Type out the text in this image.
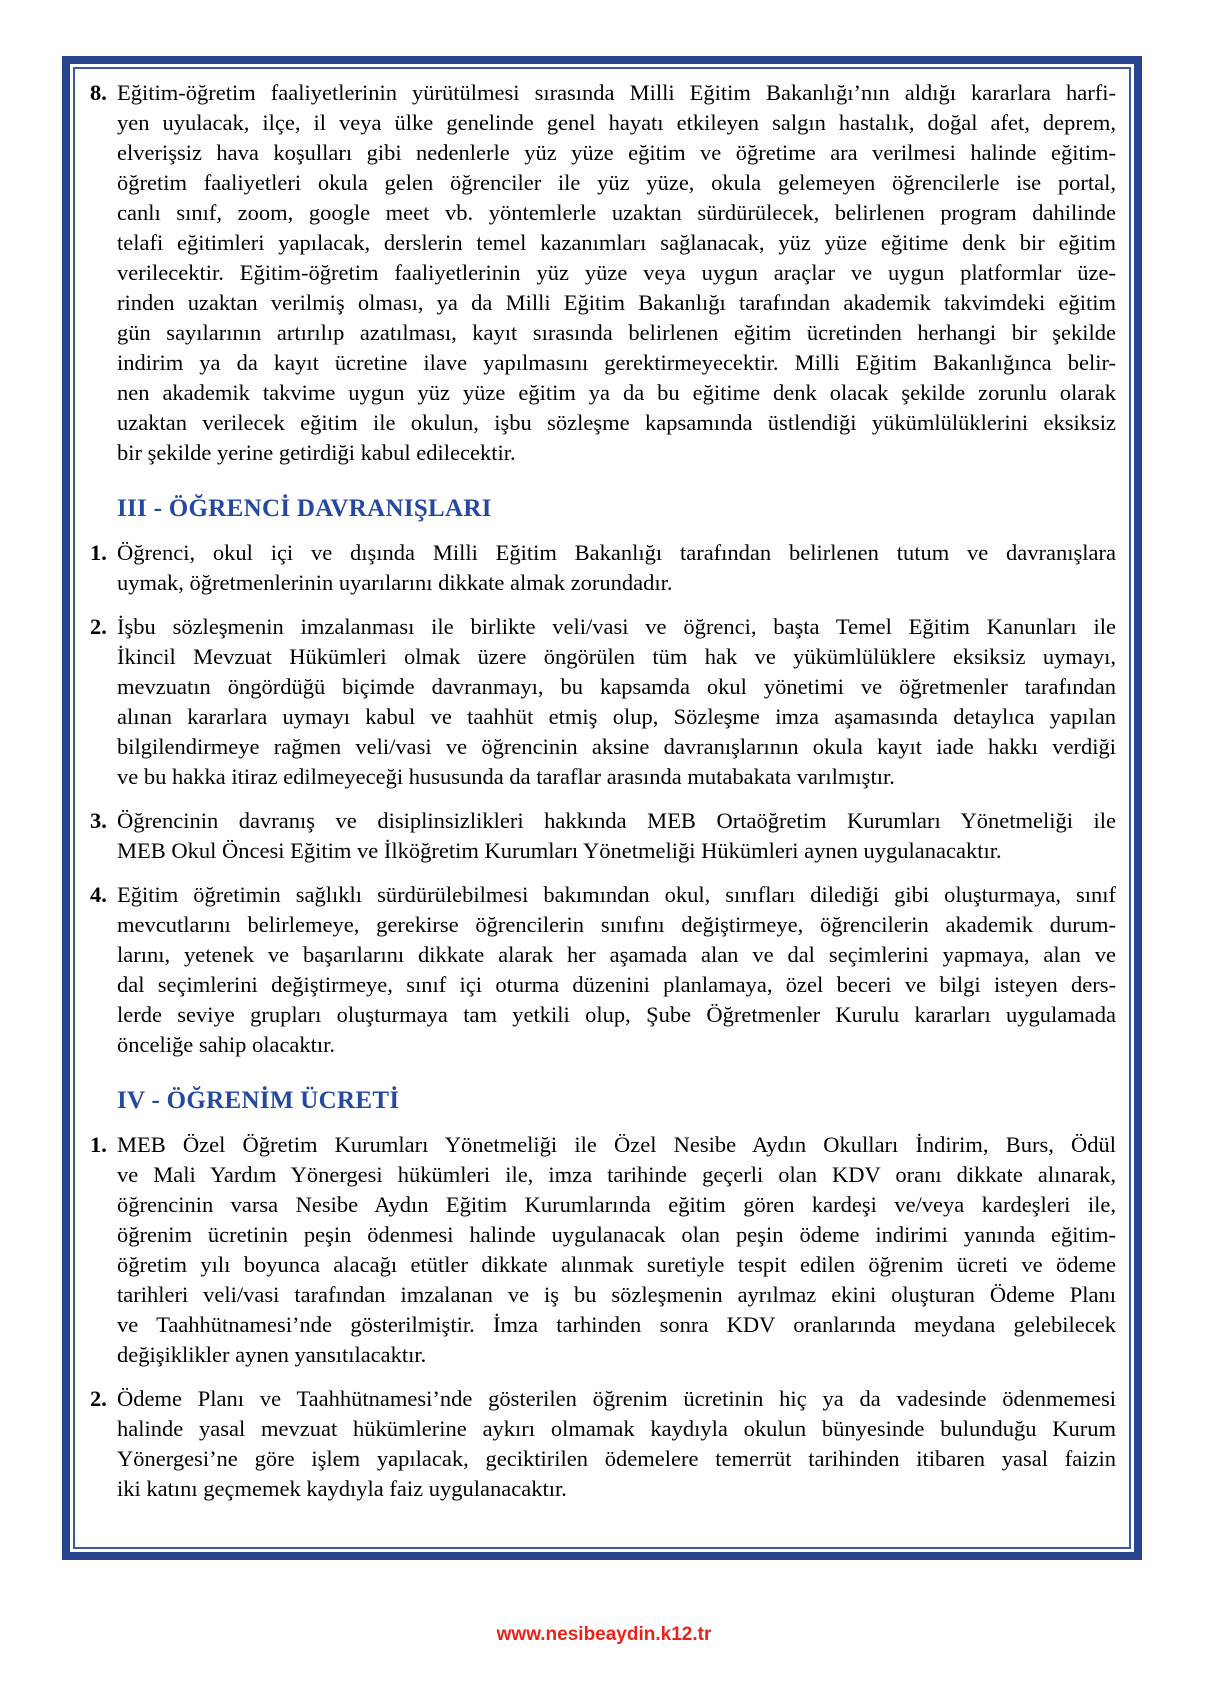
8. Eğitim-öğretim faaliyetlerinin yürütülmesi sırasında Milli Eğitim Bakanlığı’nın aldığı kararlara harfi-
yen uyulacak, ilçe, il veya ülke genelinde genel hayatı etkileyen salgın hastalık, doğal afet, deprem,
elverişsiz hava koşulları gibi nedenlerle yüz yüze eğitim ve öğretime ara verilmesi halinde eğitim-
öğretim faaliyetleri okula gelen öğrenciler ile yüz yüze, okula gelemeyen öğrencilerle ise portal,
canlı sınıf, zoom, google meet vb. yöntemlerle uzaktan sürdürülecek, belirlenen program dahilinde
telafi eğitimleri yapılacak, derslerin temel kazanımları sağlanacak, yüz yüze eğitime denk bir eğitim
verilecektir. Eğitim-öğretim faaliyetlerinin yüz yüze veya uygun araçlar ve uygun platformlar üze-
rinden uzaktan verilmiş olması, ya da Milli Eğitim Bakanlığı tarafından akademik takvimdeki eğitim
gün sayılarının artırılıp azatılması, kayıt sırasında belirlenen eğitim ücretinden herhangi bir şekilde
indirim ya da kayıt ücretine ilave yapılmasını gerektirmeyecektir. Milli Eğitim Bakanlığınca belir-
nen akademik takvime uygun yüz yüze eğitim ya da bu eğitime denk olacak şekilde zorunlu olarak
uzaktan verilecek eğitim ile okulun, işbu sözleşme kapsamında üstlendiği yükümlülüklerini eksiksiz
bir şekilde yerine getirdiği kabul edilecektir.
III - ÖĞRENCİ DAVRANIŞLARI
1. Öğrenci, okul içi ve dışında Milli Eğitim Bakanlığı tarafından belirlenen tutum ve davranışlara
uymak, öğretmenlerinin uyarılarını dikkate almak zorundadır.
2. İşbu sözleşmenin imzalanması ile birlikte veli/vasi ve öğrenci, başta Temel Eğitim Kanunları ile
İkincil Mevzuat Hükümleri olmak üzere öngörülen tüm hak ve yükümlülüklere eksiksiz uymayı,
mevzuatın öngördüğü biçimde davranmayı, bu kapsamda okul yönetimi ve öğretmenler tarafından
alınan kararlara uymayı kabul ve taahhüt etmiş olup, Sözleşme imza aşamasında detaylıca yapılan
bilgilendirmeye rağmen veli/vasi ve öğrencinin aksine davranışlarının okula kayıt iade hakkı verdiği
ve bu hakka itiraz edilmeyeceği hususunda da taraflar arasında mutabakata varılmıştır.
3. Öğrencinin davranış ve disiplinsizlikleri hakkında MEB Ortaöğretim Kurumları Yönetmeliği ile
MEB Okul Öncesi Eğitim ve İlköğretim Kurumları Yönetmeliği Hükümleri aynen uygulanacaktır.
4. Eğitim öğretimin sağlıklı sürdürülebilmesi bakımından okul, sınıfları dilediği gibi oluşturmaya, sınıf
mevcutlarını belirlemeye, gerekirse öğrencilerin sınıfını değiştirmeye, öğrencilerin akademik durum-
larını, yetenek ve başarılarını dikkate alarak her aşamada alan ve dal seçimlerini yapmaya, alan ve
dal seçimlerini değiştirmeye, sınıf içi oturma düzenini planlamaya, özel beceri ve bilgi isteyen ders-
lerde seviye grupları oluşturmaya tam yetkili olup, Şube Öğretmenler Kurulu kararları uygulamada
önceliğe sahip olacaktır.
IV - ÖĞRENİM ÜCRETİ
1. MEB Özel Öğretim Kurumları Yönetmeliği ile Özel Nesibe Aydın Okulları İndirim, Burs, Ödül
ve Mali Yardım Yönergesi hükümleri ile, imza tarihinde geçerli olan KDV oranı dikkate alınarak,
öğrencinin varsa Nesibe Aydın Eğitim Kurumlarında eğitim gören kardeşi ve/veya kardeşleri ile,
öğrenim ücretinin peşin ödenmesi halinde uygulanacak olan peşin ödeme indirimi yanında eğitim-
öğretim yılı boyunca alacağı etütler dikkate alınmak suretiyle tespit edilen öğrenim ücreti ve ödeme
tarihleri veli/vasi tarafından imzalanan ve iş bu sözleşmenin ayrılmaz ekini oluşturan Ödeme Planı
ve Taahhütnamesi’nde gösterilmiştir. İmza tarhinden sonra KDV oranlarında meydana gelebilecek
değişiklikler aynen yansıtılacaktır.
2. Ödeme Planı ve Taahhütnamesi’nde gösterilen öğrenim ücretinin hiç ya da vadesinde ödenmemesi
halinde yasal mevzuat hükümlerine aykırı olmamak kaydıyla okulun bünyesinde bulunduğu Kurum
Yönergesi’ne göre işlem yapılacak, geciktirilen ödemelere temerrüt tarihinden itibaren yasal faizin
iki katını geçmemek kaydıyla faiz uygulanacaktır.
www.nesibeaydin.k12.tr
